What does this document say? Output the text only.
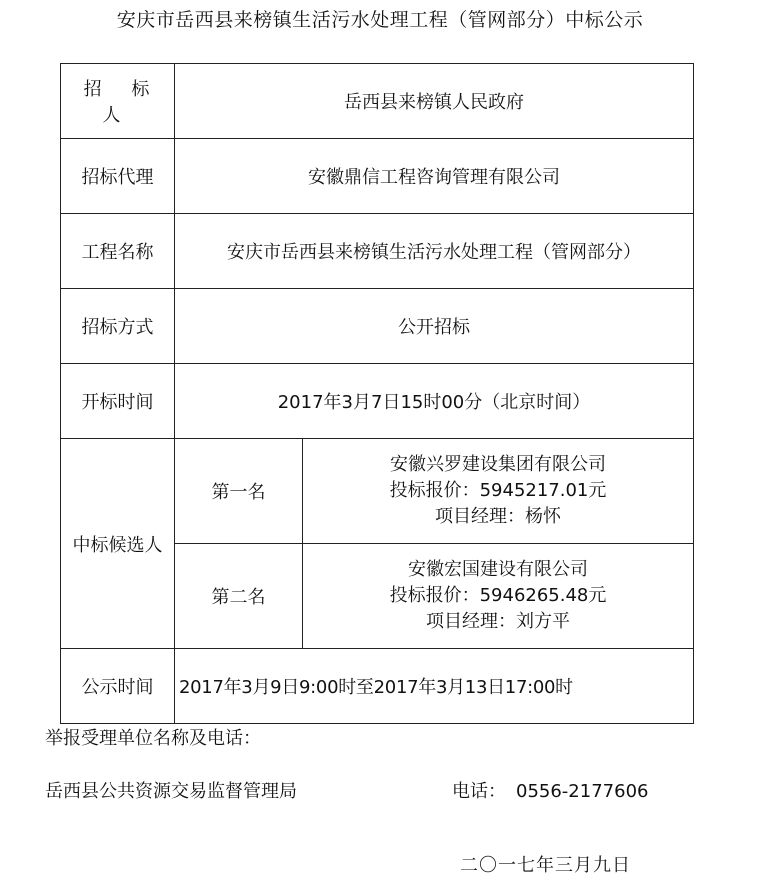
安庆市岳西县来榜镇生活污水处理工程（管网部分）中标公示
招 标 人	岳西县来榜镇人民政府	
招标代理	安徽鼎信工程咨询管理有限公司	
工程名称	安庆市岳西县来榜镇生活污水处理工程（管网部分）	
招标方式	公开招标	
开标时间	2017年3月7日15时00分（北京时间）	
中标候选人	第一名	安徽兴罗建设集团有限公司
投标报价：5945217.01元
项目经理：杨怀

	第二名	安徽宏国建设有限公司
投标报价：5946265.48元
项目经理：刘方平

公示时间	2017年3月9日9:00时至2017年3月13日17:00时	
举报受理单位名称及电话：
岳西县公共资源交易监督管理局	电话： 0556-2177606
二〇一七年三月九日
